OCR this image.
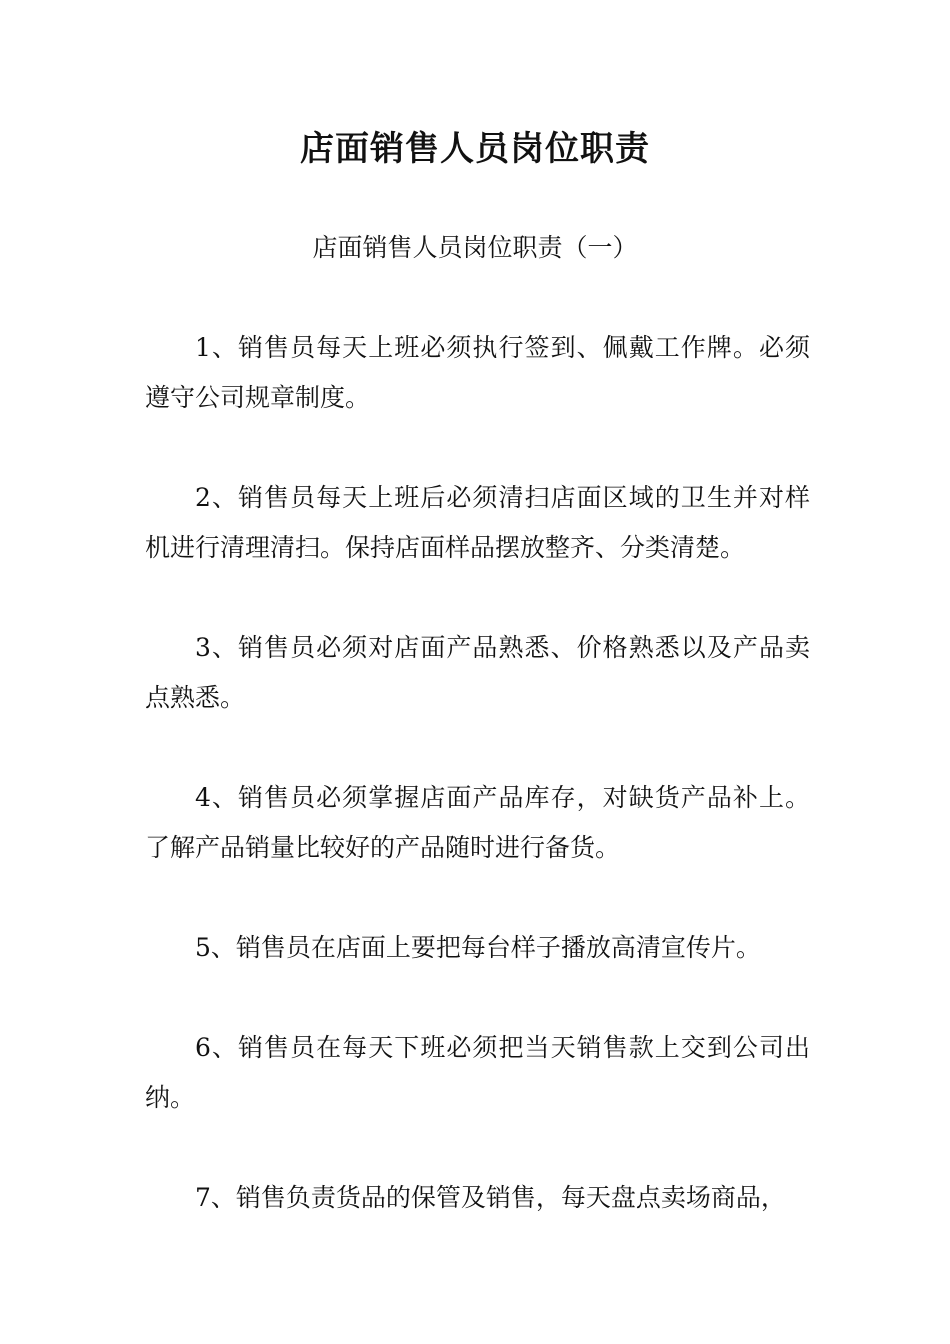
店面销售人员岗位职责
店面销售人员岗位职责（一）
1、销售员每天上班必须执行签到、佩戴工作牌。必须遵守公司规章制度。
2、销售员每天上班后必须清扫店面区域的卫生并对样机进行清理清扫。保持店面样品摆放整齐、分类清楚。
3、销售员必须对店面产品熟悉、价格熟悉以及产品卖点熟悉。
4、销售员必须掌握店面产品库存，对缺货产品补上。了解产品销量比较好的产品随时进行备货。
5、销售员在店面上要把每台样子播放高清宣传片。
6、销售员在每天下班必须把当天销售款上交到公司出纳。
7、销售负责货品的保管及销售，每天盘点卖场商品，
